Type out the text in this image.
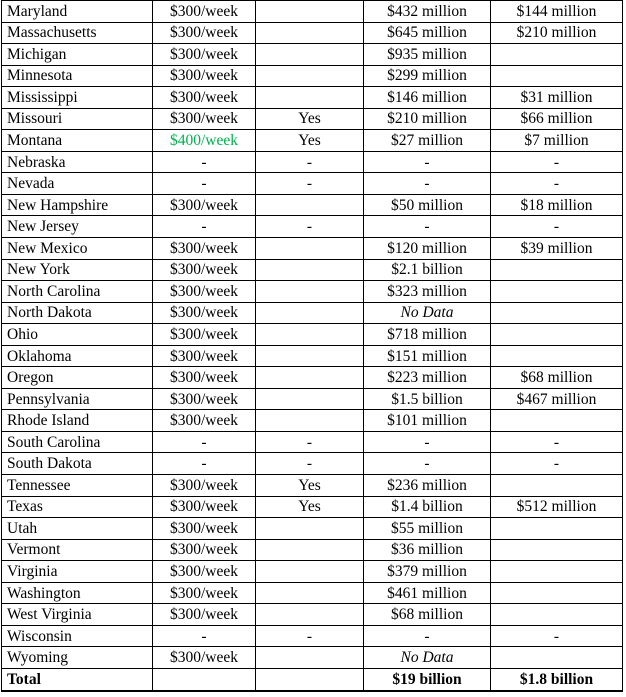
Maryland	$300/week		$432 million	$144 million
Massachusetts	$300/week		$645 million	$210 million
Michigan	$300/week		$935 million	
Minnesota	$300/week		$299 million	
Mississippi	$300/week		$146 million	$31 million
Missouri	$300/week	Yes	$210 million	$66 million
Montana	$400/week	Yes	$27 million	$7 million
Nebraska	-	-	-	-
Nevada	-	-	-	-
New Hampshire	$300/week		$50 million	$18 million
New Jersey	-	-	-	-
New Mexico	$300/week		$120 million	$39 million
New York	$300/week		$2.1 billion	
North Carolina	$300/week		$323 million	
North Dakota	$300/week		No Data	
Ohio	$300/week		$718 million	
Oklahoma	$300/week		$151 million	
Oregon	$300/week		$223 million	$68 million
Pennsylvania	$300/week		$1.5 billion	$467 million
Rhode Island	$300/week		$101 million	
South Carolina	-	-	-	-
South Dakota	-	-	-	-
Tennessee	$300/week	Yes	$236 million	
Texas	$300/week	Yes	$1.4 billion	$512 million
Utah	$300/week		$55 million	
Vermont	$300/week		$36 million	
Virginia	$300/week		$379 million	
Washington	$300/week		$461 million	
West Virginia	$300/week		$68 million	
Wisconsin	-	-	-	-
Wyoming	$300/week		No Data	
Total			$19 billion	$1.8 billion
